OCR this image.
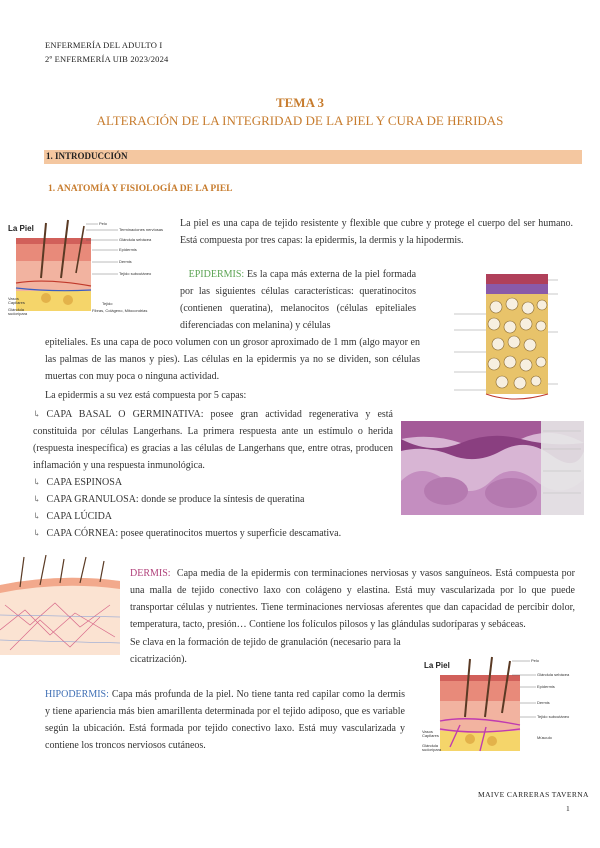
ENFERMERÍA DEL ADULTO I
2º ENFERMERÍA UIB 2023/2024
TEMA 3
ALTERACIÓN DE LA INTEGRIDAD DE LA PIEL Y CURA DE HERIDAS
1. INTRODUCCIÓN
1. ANATOMÍA Y FISIOLOGÍA DE LA PIEL
La Piel
Pelo
Terminaciones nerviosas
Glándula sebácea
Epidermis
Dermis
Tejido subcutáneo
Vasos
Capilares
Glándula
sudorípara
Tejido
Fibras, Colágeno, Mitocondrias
La piel es una capa de tejido resistente y flexible que cubre y protege el cuerpo del ser humano. Está compuesta por tres capas: la epidermis, la dermis y la hipodermis.
EPIDERMIS: Es la capa más externa de la piel formada por las siguientes células características: queratinocitos (contienen queratina), melanocitos (células epiteliales diferenciadas con melanina) y células
epiteliales. Es una capa de poco volumen con un grosor aproximado de 1 mm (algo mayor en las palmas de las manos y pies). Las células en la epidermis ya no se dividen, son células muertas con muy poca o ninguna actividad.
La epidermis a su vez está compuesta por 5 capas:
↳ CAPA BASAL O GERMINATIVA: posee gran actividad regenerativa y está constituida por células Langerhans. La primera respuesta ante un estímulo o herida (respuesta inespecífica) es gracias a las células de Langerhans que, entre otras, producen inflamación y una respuesta inmunológica.
↳ CAPA ESPINOSA
↳ CAPA GRANULOSA: donde se produce la síntesis de queratina
↳ CAPA LÚCIDA
↳ CAPA CÓRNEA: posee queratinocitos muertos y superficie descamativa.
DERMIS: Capa media de la epidermis con terminaciones nerviosas y vasos sanguíneos. Está compuesta por una malla de tejido conectivo laxo con colágeno y elastina. Está muy vascularizada por lo que puede transportar células y nutrientes. Tiene terminaciones nerviosas aferentes que dan capacidad de percibir dolor, temperatura, tacto, presión… Contiene los folículos pilosos y las glándulas sudoríparas y sebáceas.
Se clava en la formación de tejido de granulación (necesario para la cicatrización).
La Piel
Pelo
Glándula sebácea
Epidermis
Dermis
Tejido subcutáneo
Vasos
Capilares
Glándula
sudorípara
Músculo
HIPODERMIS: Capa más profunda de la piel. No tiene tanta red capilar como la dermis y tiene apariencia más bien amarillenta determinada por el tejido adiposo, que es variable según la ubicación. Está formada por tejido conectivo laxo. Está muy vascularizada y contiene los troncos nerviosos cutáneos.
MAIVE CARRERAS TAVERNA
1
